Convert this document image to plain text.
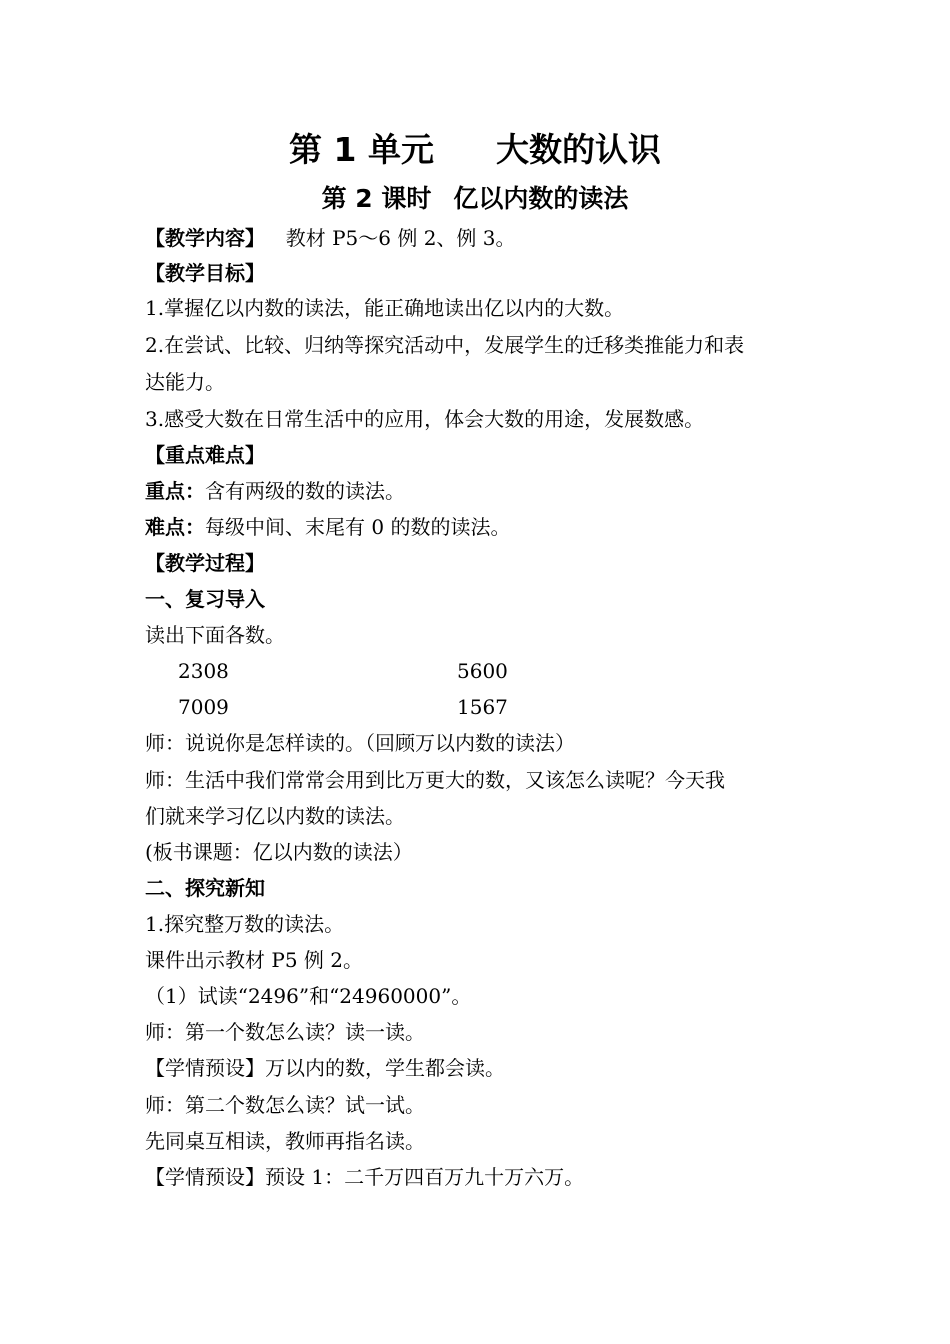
第 1 单元 大数的认识
第 2 课时 亿以内数的读法
【教学内容】 教材 P5～6 例 2、例 3。
【教学目标】
1.掌握亿以内数的读法，能正确地读出亿以内的大数。
2.在尝试、比较、归纳等探究活动中，发展学生的迁移类推能力和表
达能力。
3.感受大数在日常生活中的应用，体会大数的用途，发展数感。
【重点难点】
重点：含有两级的数的读法。
难点：每级中间、末尾有 0 的数的读法。
【教学过程】
一、复习导入
读出下面各数。
2308	5600
7009	1567
师：说说你是怎样读的。（回顾万以内数的读法）
师：生活中我们常常会用到比万更大的数，又该怎么读呢？今天我
们就来学习亿以内数的读法。
(板书课题：亿以内数的读法）
二、探究新知
1.探究整万数的读法。
课件出示教材 P5 例 2。
（1）试读“2496”和“24960000”。
师：第一个数怎么读？读一读。
【学情预设】万以内的数，学生都会读。
师：第二个数怎么读？试一试。
先同桌互相读，教师再指名读。
【学情预设】预设 1：二千万四百万九十万六万。
